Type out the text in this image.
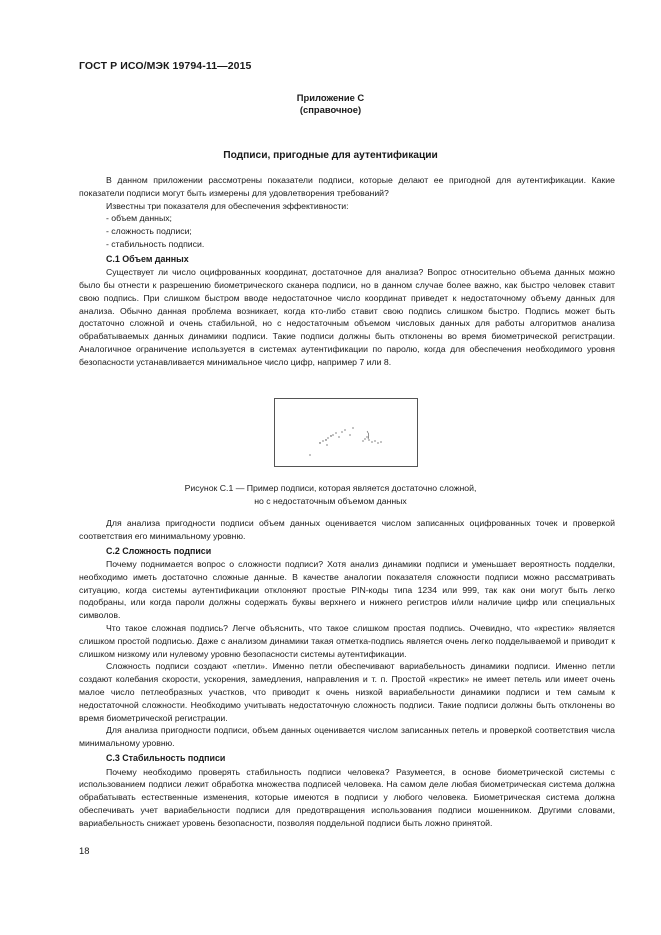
ГОСТ Р ИСО/МЭК 19794-11—2015
Приложение C
(справочное)
Подписи, пригодные для аутентификации

В данном приложении рассмотрены показатели подписи, которые делают ее пригодной для аутентификации. Какие показатели подписи могут быть измерены для удовлетворения требований?

Известны три показателя для обеспечения эффективности:

- объем данных;

- сложность подписи;

- стабильность подписи.

C.1 Объем данных

Существует ли число оцифрованных координат, достаточное для анализа? Вопрос относительно объема данных можно было бы отнести к разрешению биометрического сканера подписи, но в данном случае более важно, как быстро человек ставит свою подпись. При слишком быстром вводе недостаточное число координат приведет к недостаточному объему данных для анализа. Обычно данная проблема возникает, когда кто-либо ставит свою подпись слишком быстро. Подпись может быть достаточно сложной и очень стабильной, но с недостаточным объемом числовых данных для работы алгоритмов анализа обрабатываемых данных динамики подписи. Такие подписи должны быть отклонены во время биометрической регистрации. Аналогичное ограничение используется в системах аутентификации по паролю, когда для обеспечения необходимого уровня безопасности устанавливается минимальное число цифр, например 7 или 8.

Рисунок C.1 — Пример подписи, которая является достаточно сложной,
но с недостаточным объемом данных

Для анализа пригодности подписи объем данных оценивается числом записанных оцифрованных точек и проверкой соответствия его минимальному уровню.

C.2 Сложность подписи

Почему поднимается вопрос о сложности подписи? Хотя анализ динамики подписи и уменьшает вероятность подделки, необходимо иметь достаточно сложные данные. В качестве аналогии показателя сложности подписи можно рассматривать ситуацию, когда системы аутентификации отклоняют простые PIN-коды типа 1234 или 999, так как они могут быть легко подобраны, или когда пароли должны содержать буквы верхнего и нижнего регистров и/или наличие цифр или специальных символов.

Что такое сложная подпись? Легче объяснить, что такое слишком простая подпись. Очевидно, что «крестик» является слишком простой подписью. Даже с анализом динамики такая отметка-подпись является очень легко подделываемой и приводит к слишком низкому или нулевому уровню безопасности системы аутентификации.

Сложность подписи создают «петли». Именно петли обеспечивают вариабельность динамики подписи. Именно петли создают колебания скорости, ускорения, замедления, направления и т. п. Простой «крестик» не имеет петель или имеет очень малое число петлеобразных участков, что приводит к очень низкой вариабельности динамики подписи и тем самым к недостаточной сложности. Необходимо учитывать недостаточную сложность подписи. Такие подписи должны быть отклонены во время биометрической регистрации.

Для анализа пригодности подписи, объем данных оценивается числом записанных петель и проверкой соответствия числа минимальному уровню.

C.3 Стабильность подписи

Почему необходимо проверять стабильность подписи человека? Разумеется, в основе биометрической системы с использованием подписи лежит обработка множества подписей человека. На самом деле любая биометрическая система должна обрабатывать естественные изменения, которые имеются в подписи у любого человека. Биометрическая система должна обеспечивать учет вариабельности подписи для предотвращения использования подписи мошенником. Другими словами, вариабельность снижает уровень безопасности, позволяя поддельной подписи быть ложно принятой.

18
